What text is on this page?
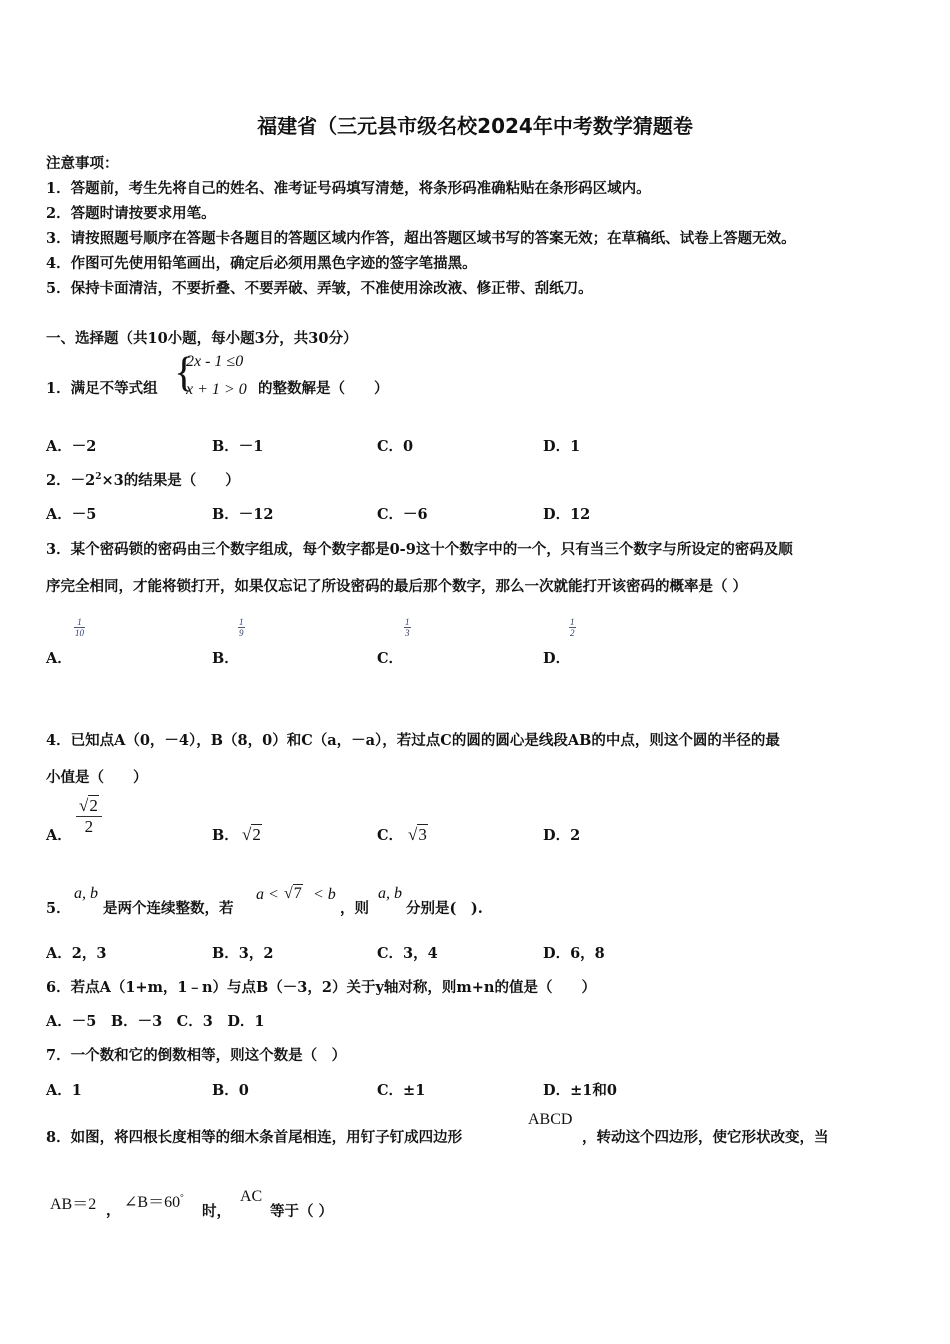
福建省（三元县市级名校2024年中考数学猜题卷
注意事项：
1．答题前，考生先将自己的姓名、准考证号码填写清楚，将条形码准确粘贴在条形码区域内。
2．答题时请按要求用笔。
3．请按照题号顺序在答题卡各题目的答题区域内作答，超出答题区域书写的答案无效；在草稿纸、试卷上答题无效。
4．作图可先使用铅笔画出，确定后必须用黑色字迹的签字笔描黑。
5．保持卡面清洁，不要折叠、不要弄破、弄皱，不准使用涂改液、修正带、刮纸刀。
一、选择题（共10小题，每小题3分，共30分）
1．满足不等式组 {
2x - 1 ≤0
x + 1 > 0 的整数解是（　　）
A．－2	B．－1	C．0	D．1
2．$-2^2\times 3$的结果是（　　）
A．－5	B．－12	C．－6	D．12
3．某个密码锁的密码由三个数字组成，每个数字都是0-9这十个数字中的一个，只有当三个数字与所设定的密码及顺
序完全相同，才能将锁打开，如果仅忘记了所设密码的最后那个数字，那么一次就能打开该密码的概率是（ ）
$\frac{1}{10}$	$\frac{1}{9}$	$\frac{1}{3}$	$\frac{1}{2}$
A．	B．	C．	D．
4．已知点A（0，－4），B（8，0）和C（a，－a），若过点C的圆的圆心是线段AB的中点，则这个圆的半径的最
小值是（　　）
A． $\frac{√2}{2}$	B． √2	C． √3	D．2
5．
a, b
是两个连续整数，若
a < √7 < b
，则
a, b
分别是(　).
A．2，3	B．3，2	C．3，4	D．6，8
6．若点A（1+m，1﹣n）与点B（－3，2）关于y轴对称，则m+n的值是（　　）
A．－5　B．－3　C．3　D．1
7．一个数和它的倒数相等，则这个数是（　）
A．1	B．0	C．±1	D．±1和0
8．如图，将四根长度相等的细木条首尾相连，用钉子钉成四边形
ABCD
，转动这个四边形，使它形状改变，当
AB＝2 ， ∠B＝60°
时，
AC
等于（ ）
